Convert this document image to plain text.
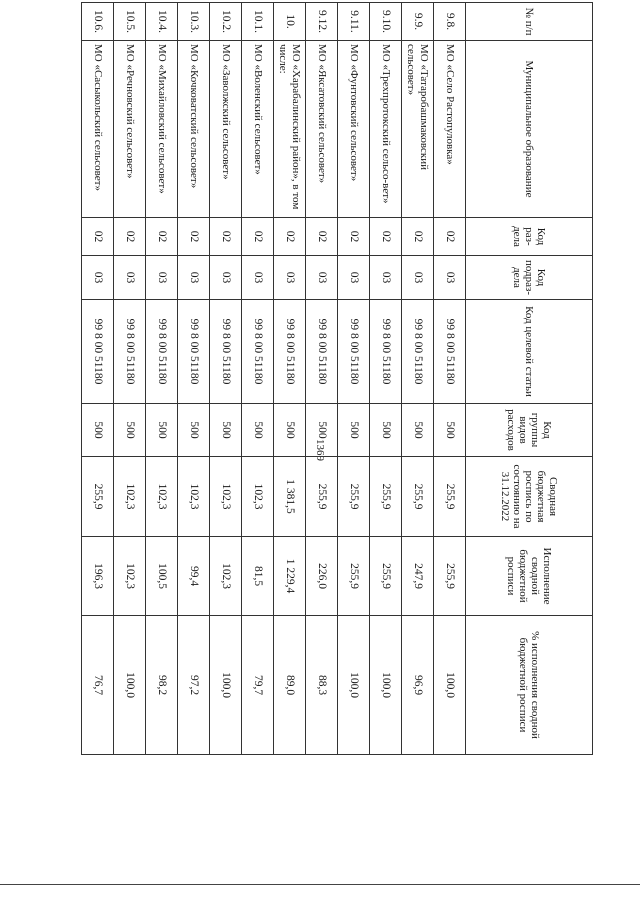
1369
№ п/п	Муниципальное образование	Код раз-дела	Код подраз-дела	Код целевой статьи	Код группы видов расходов	Сводная бюджетная роспись по состоянию на 31.12.2022	Исполнение сводной бюджетной росписи	% исполнения сводной бюджетной росписи
9.8.	МО «Село Растопуловка»	02	03	99 8 00 51180	500	255,9	255,9	100,0
9.9.	МО «Татаробашмаковский сельсовет»	02	03	99 8 00 51180	500	255,9	247,9	96,9
9.10.	МО «Трехпротокский сельсо-вет»	02	03	99 8 00 51180	500	255,9	255,9	100,0
9.11.	МО «Фунтовский сельсовет»	02	03	99 8 00 51180	500	255,9	255,9	100,0
9.12.	МО «Яксатовский сельсовет»	02	03	99 8 00 51180	500	255,9	226,0	88,3
10.	МО «Харабалинский район», в том числе:	02	03	99 8 00 51180	500	1 381,5	1 229,4	89,0
10.1.	МО «Воленский сельсовет»	02	03	99 8 00 51180	500	102,3	81,5	79,7
10.2.	МО «Заволжский сельсовет»	02	03	99 8 00 51180	500	102,3	102,3	100,0
10.3.	МО «Кочковатский сельсовет»	02	03	99 8 00 51180	500	102,3	99,4	97,2
10.4.	МО «Михайловский сельсовет»	02	03	99 8 00 51180	500	102,3	100,5	98,2
10.5.	МО «Речновский сельсовет»	02	03	99 8 00 51180	500	102,3	102,3	100,0
10.6.	МО «Сасыкольский сельсовет»	02	03	99 8 00 51180	500	255,9	196,3	76,7
